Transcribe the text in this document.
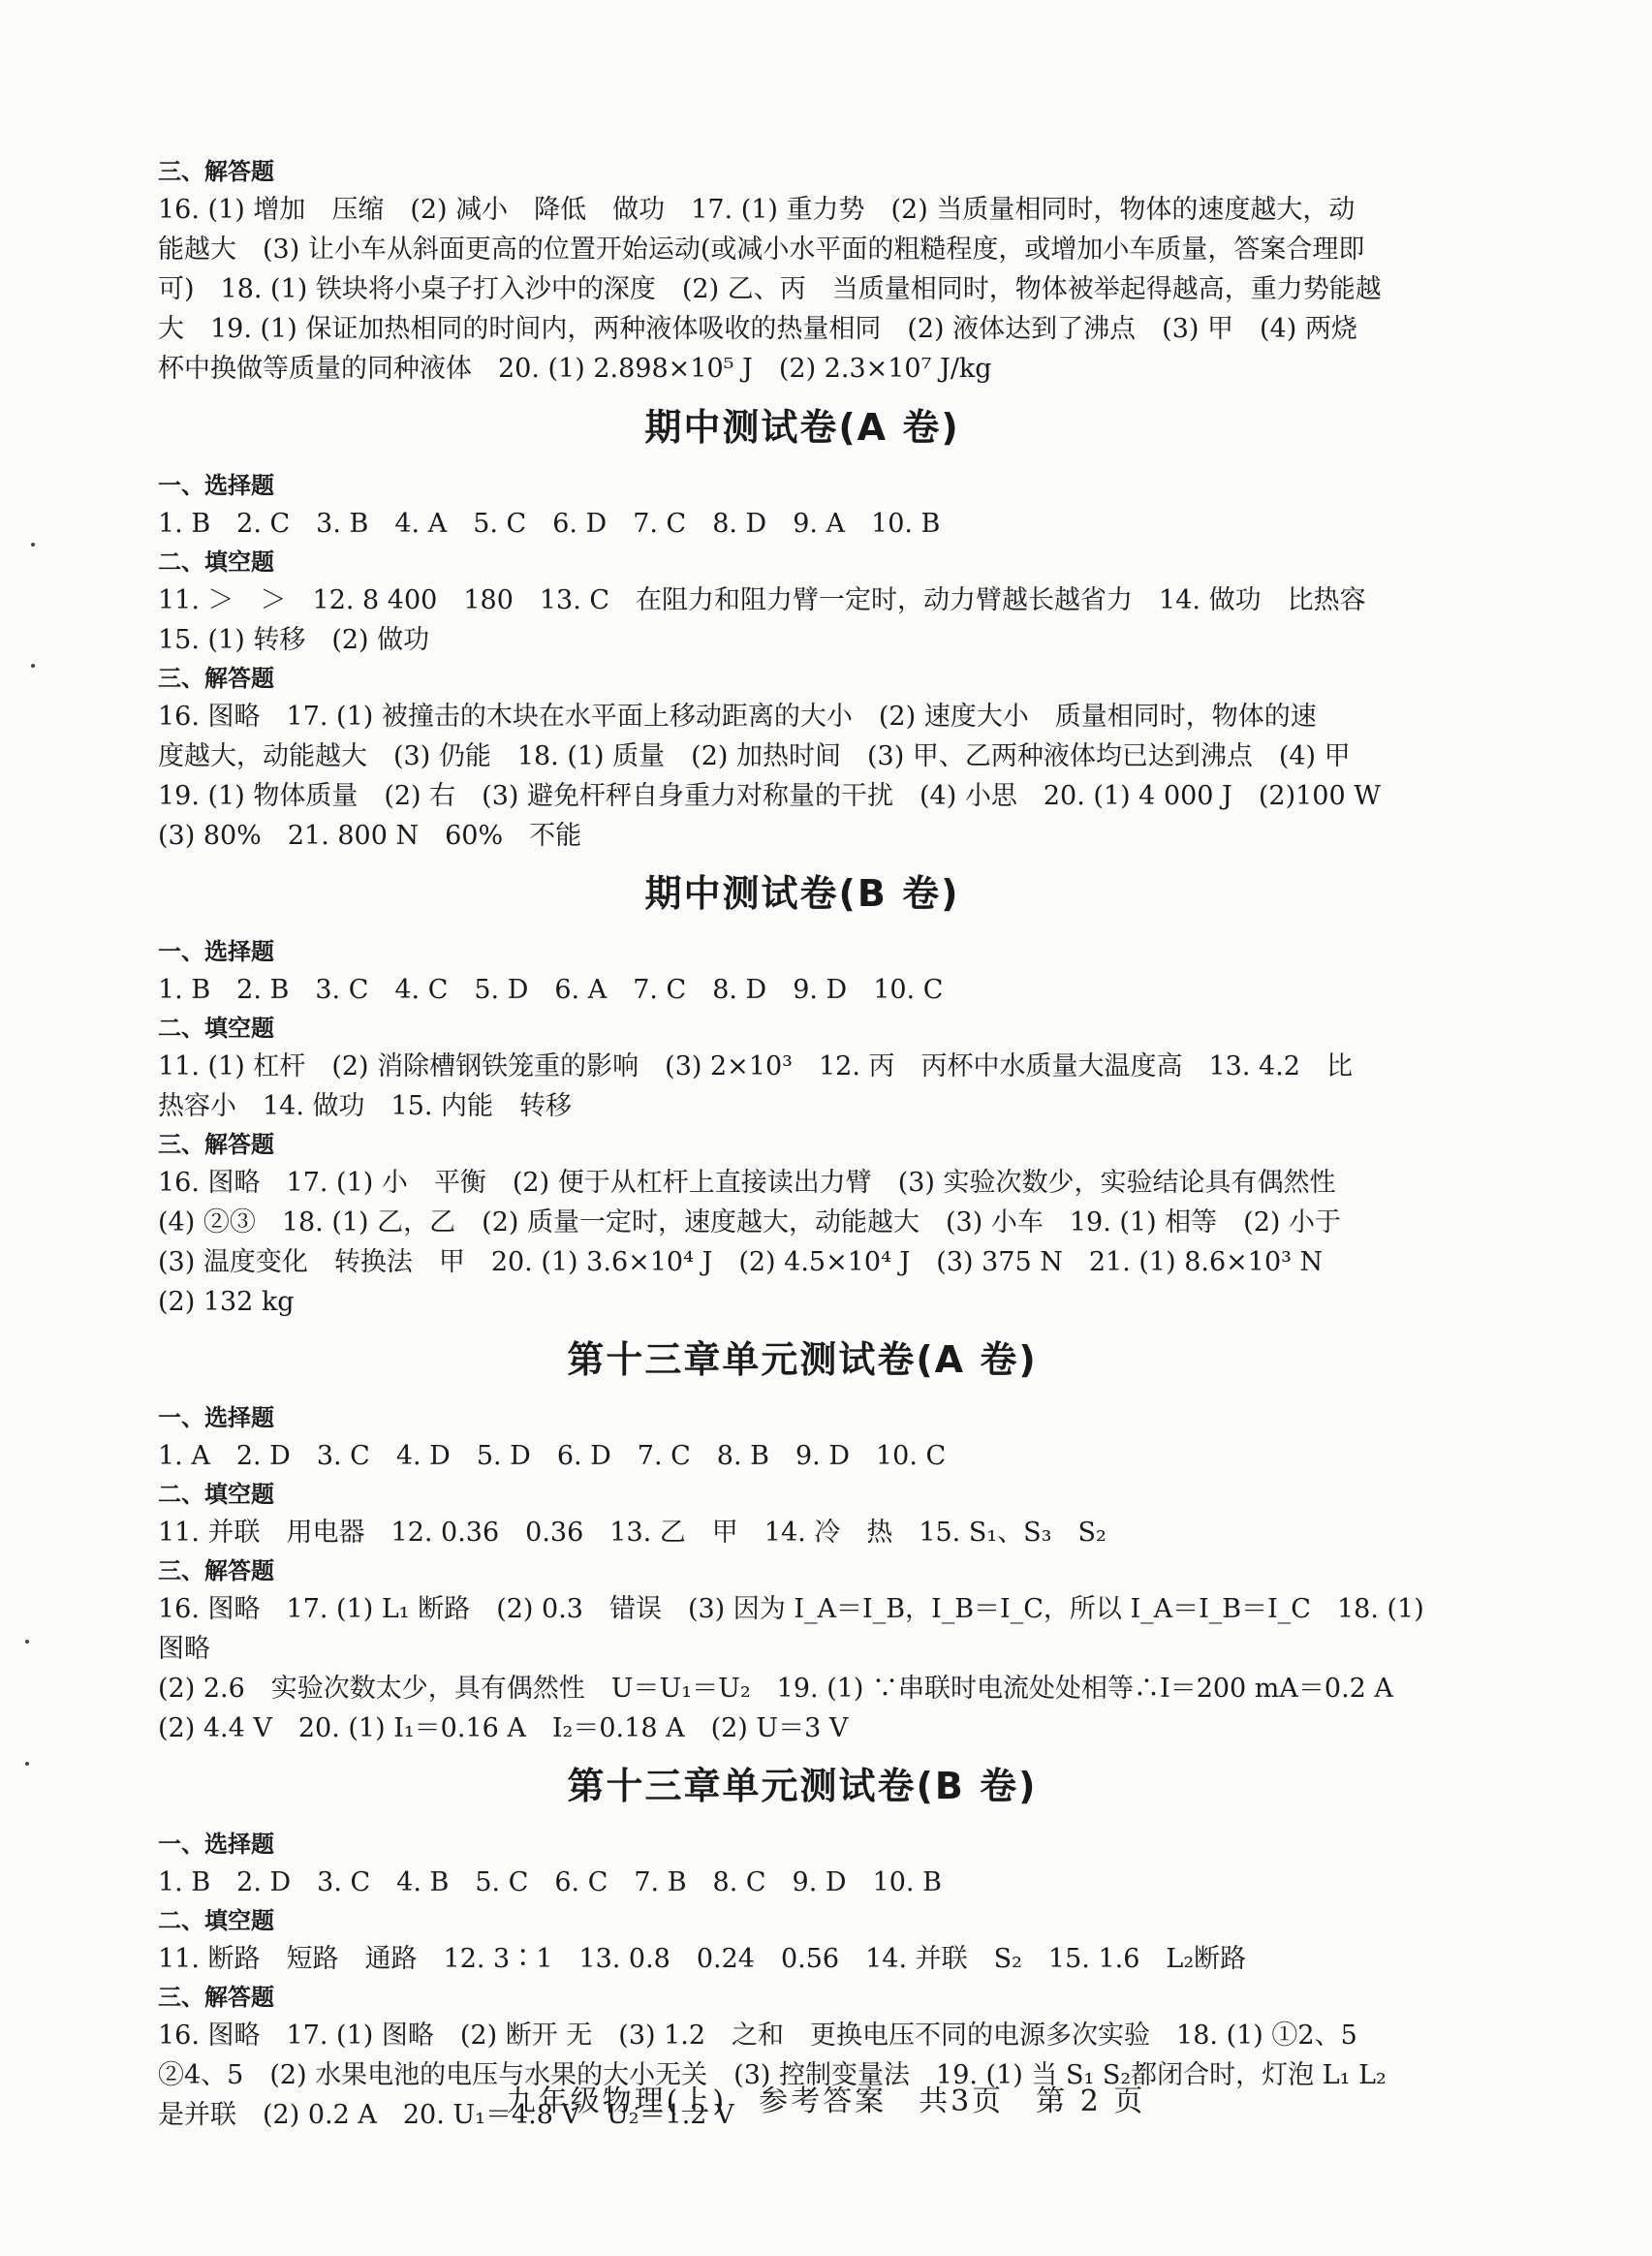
三、解答题
16. (1) 增加　压缩　(2) 减小　降低　做功　17. (1) 重力势　(2) 当质量相同时，物体的速度越大，动
能越大　(3) 让小车从斜面更高的位置开始运动(或减小水平面的粗糙程度，或增加小车质量，答案合理即
可)　18. (1) 铁块将小桌子打入沙中的深度　(2) 乙、丙　当质量相同时，物体被举起得越高，重力势能越
大　19. (1) 保证加热相同的时间内，两种液体吸收的热量相同　(2) 液体达到了沸点　(3) 甲　(4) 两烧
杯中换做等质量的同种液体　20. (1) 2.898×10⁵ J　(2) 2.3×10⁷ J/kg
期中测试卷(A 卷)
一、选择题
1. B　2. C　3. B　4. A　5. C　6. D　7. C　8. D　9. A　10. B
二、填空题
11. ＞　＞　12. 8 400　180　13. C　在阻力和阻力臂一定时，动力臂越长越省力　14. 做功　比热容
15. (1) 转移　(2) 做功
三、解答题
16. 图略　17. (1) 被撞击的木块在水平面上移动距离的大小　(2) 速度大小　质量相同时，物体的速
度越大，动能越大　(3) 仍能　18. (1) 质量　(2) 加热时间　(3) 甲、乙两种液体均已达到沸点　(4) 甲
19. (1) 物体质量　(2) 右　(3) 避免杆秤自身重力对称量的干扰　(4) 小思　20. (1) 4 000 J　(2)100 W
(3) 80%　21. 800 N　60%　不能
期中测试卷(B 卷)
一、选择题
1. B　2. B　3. C　4. C　5. D　6. A　7. C　8. D　9. D　10. C
二、填空题
11. (1) 杠杆　(2) 消除槽钢铁笼重的影响　(3) 2×10³　12. 丙　丙杯中水质量大温度高　13. 4.2　比
热容小　14. 做功　15. 内能　转移
三、解答题
16. 图略　17. (1) 小　平衡　(2) 便于从杠杆上直接读出力臂　(3) 实验次数少，实验结论具有偶然性
(4) ②③　18. (1) 乙，乙　(2) 质量一定时，速度越大，动能越大　(3) 小车　19. (1) 相等　(2) 小于
(3) 温度变化　转换法　甲　20. (1) 3.6×10⁴ J　(2) 4.5×10⁴ J　(3) 375 N　21. (1) 8.6×10³ N
(2) 132 kg
第十三章单元测试卷(A 卷)
一、选择题
1. A　2. D　3. C　4. D　5. D　6. D　7. C　8. B　9. D　10. C
二、填空题
11. 并联　用电器　12. 0.36　0.36　13. 乙　甲　14. 冷　热　15. S₁、S₃　S₂
三、解答题
16. 图略　17. (1) L₁ 断路　(2) 0.3　错误　(3) 因为 I_A＝I_B，I_B＝I_C，所以 I_A＝I_B＝I_C　18. (1) 图略
(2) 2.6　实验次数太少，具有偶然性　U＝U₁＝U₂　19. (1) ∵串联时电流处处相等∴I＝200 mA＝0.2 A
(2) 4.4 V　20. (1) I₁＝0.16 A　I₂＝0.18 A　(2) U＝3 V
第十三章单元测试卷(B 卷)
一、选择题
1. B　2. D　3. C　4. B　5. C　6. C　7. B　8. C　9. D　10. B
二、填空题
11. 断路　短路　通路　12. 3∶1　13. 0.8　0.24　0.56　14. 并联　S₂　15. 1.6　L₂断路
三、解答题
16. 图略　17. (1) 图略　(2) 断开 无　(3) 1.2　之和　更换电压不同的电源多次实验　18. (1) ①2、5
②4、5　(2) 水果电池的电压与水果的大小无关　(3) 控制变量法　19. (1) 当 S₁ S₂都闭合时，灯泡 L₁ L₂
是并联　(2) 0.2 A　20. U₁＝4.8 V　U₂＝1.2 V
九年级物理(上)　参考答案　共3页　第 2 页
